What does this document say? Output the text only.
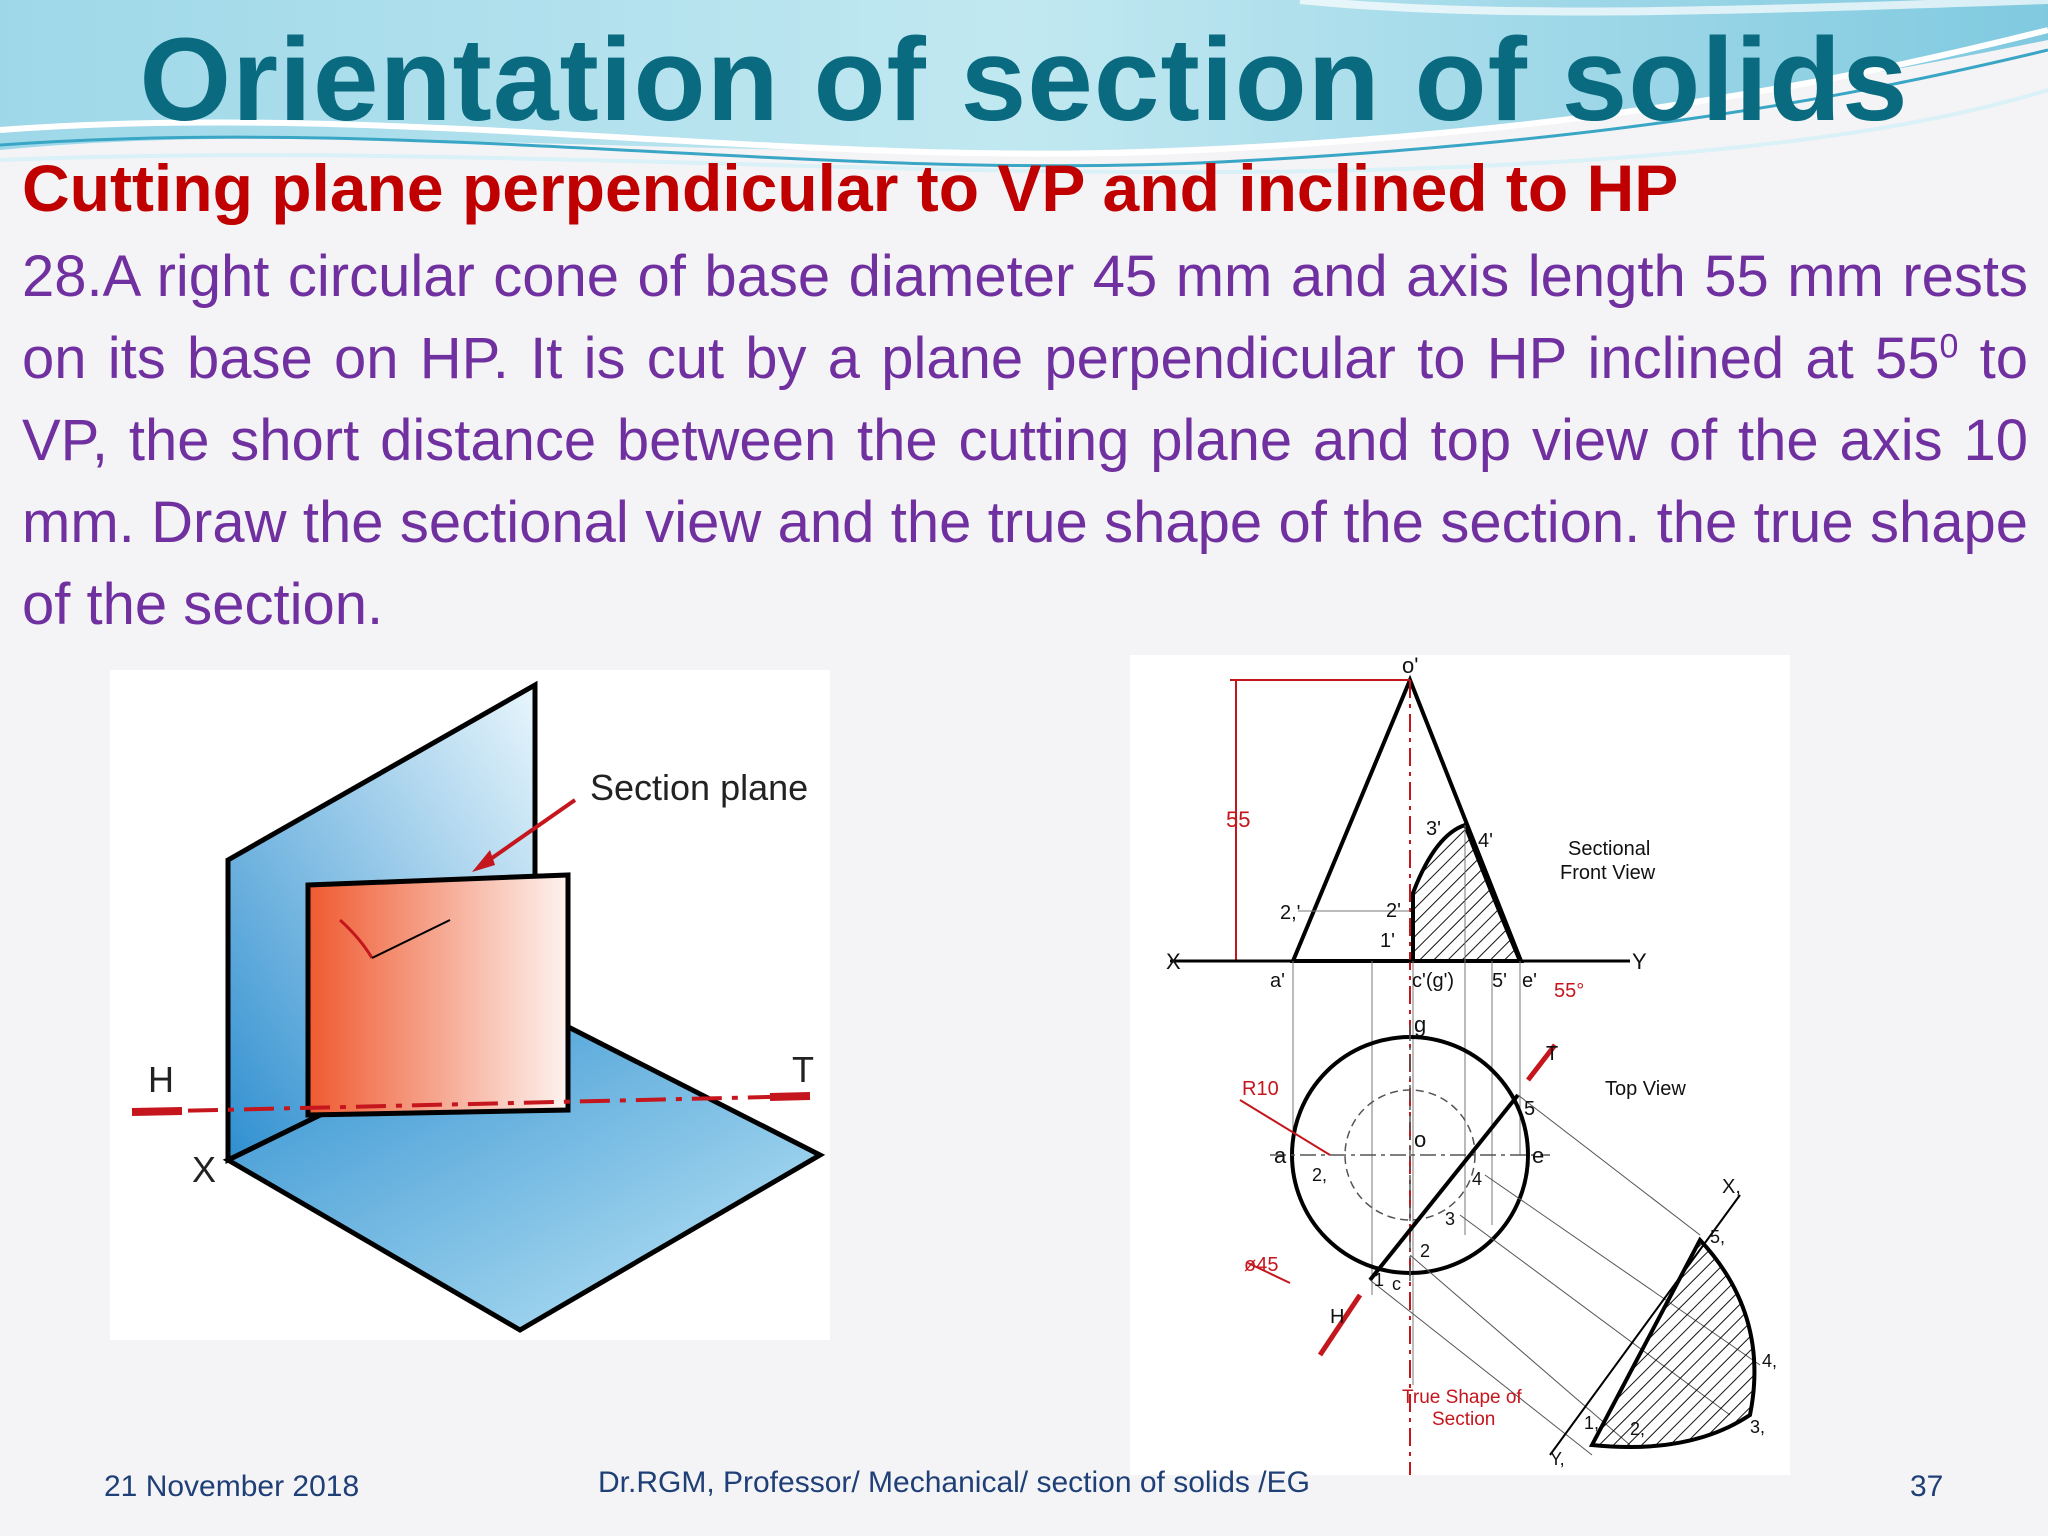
Orientation of section of solids
Cutting plane perpendicular to VP and inclined to HP
28.A right circular cone of base diameter 45 mm and axis length 55 mm rests on its base on HP. It is cut by a plane perpendicular to HP inclined at $55^0$ to VP, the short distance between the cutting plane and top view of the axis 10 mm. Draw the sectional view and the true shape of the section. the true shape of the section.
Section plane
H	T
X
o'
55	3'
4'	Sectional
Front View
2,'	2'
1'
X	Y
a'	c'(g') 5' e' 55°
g
T
R10	Top View
5
o
a	e
2,	4
3
2
ø45
1 c
H
X,
5,
4,
3,
2,
1,
Y,
True Shape of
Section
21 November 2018	Dr.RGM, Professor/ Mechanical/ section of solids /EG	37
